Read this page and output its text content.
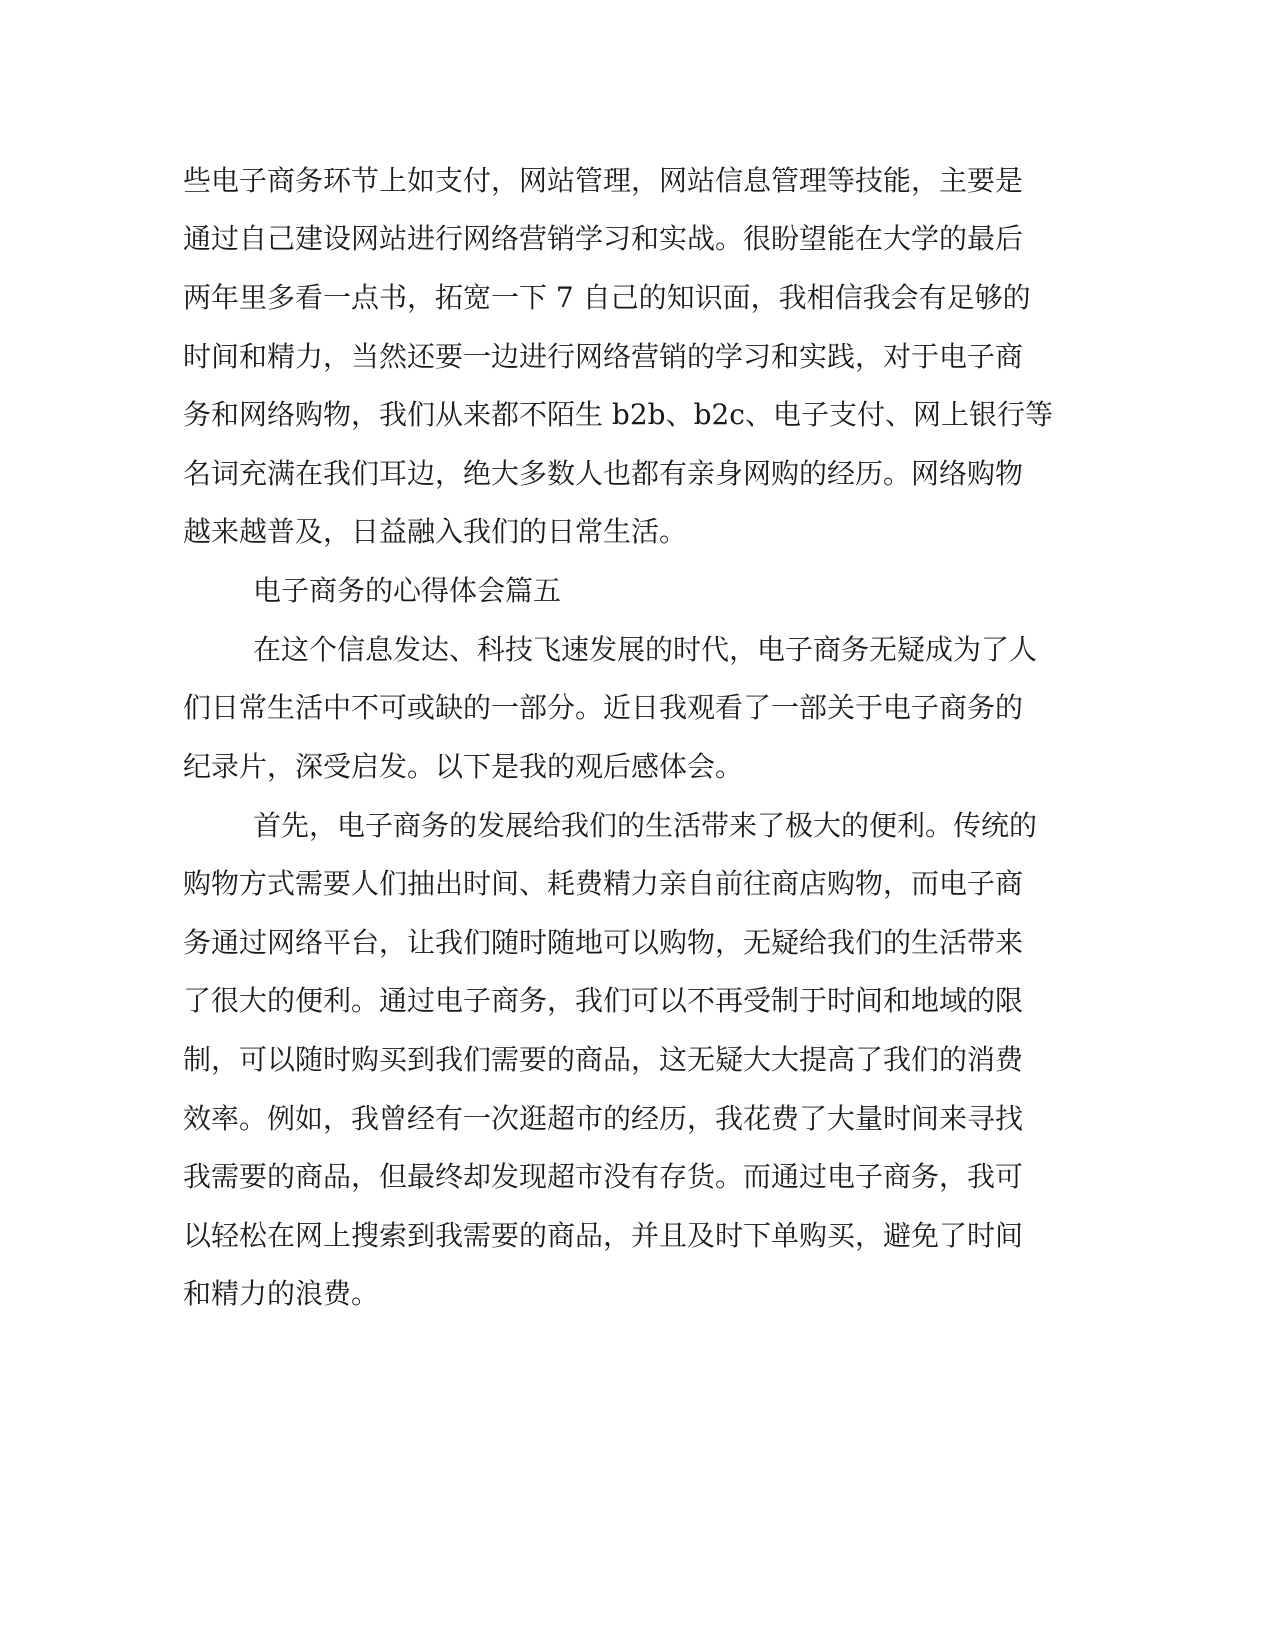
些电子商务环节上如支付，网站管理，网站信息管理等技能，主要是

通过自己建设网站进行网络营销学习和实战。很盼望能在大学的最后

两年里多看一点书，拓宽一下 7 自己的知识面，我相信我会有足够的

时间和精力，当然还要一边进行网络营销的学习和实践，对于电子商

务和网络购物，我们从来都不陌生 b2b、b2c、电子支付、网上银行等

名词充满在我们耳边，绝大多数人也都有亲身网购的经历。网络购物

越来越普及，日益融入我们的日常生活。

电子商务的心得体会篇五

在这个信息发达、科技飞速发展的时代，电子商务无疑成为了人

们日常生活中不可或缺的一部分。近日我观看了一部关于电子商务的

纪录片，深受启发。以下是我的观后感体会。

首先，电子商务的发展给我们的生活带来了极大的便利。传统的

购物方式需要人们抽出时间、耗费精力亲自前往商店购物，而电子商

务通过网络平台，让我们随时随地可以购物，无疑给我们的生活带来

了很大的便利。通过电子商务，我们可以不再受制于时间和地域的限

制，可以随时购买到我们需要的商品，这无疑大大提高了我们的消费

效率。例如，我曾经有一次逛超市的经历，我花费了大量时间来寻找

我需要的商品，但最终却发现超市没有存货。而通过电子商务，我可

以轻松在网上搜索到我需要的商品，并且及时下单购买，避免了时间

和精力的浪费。
